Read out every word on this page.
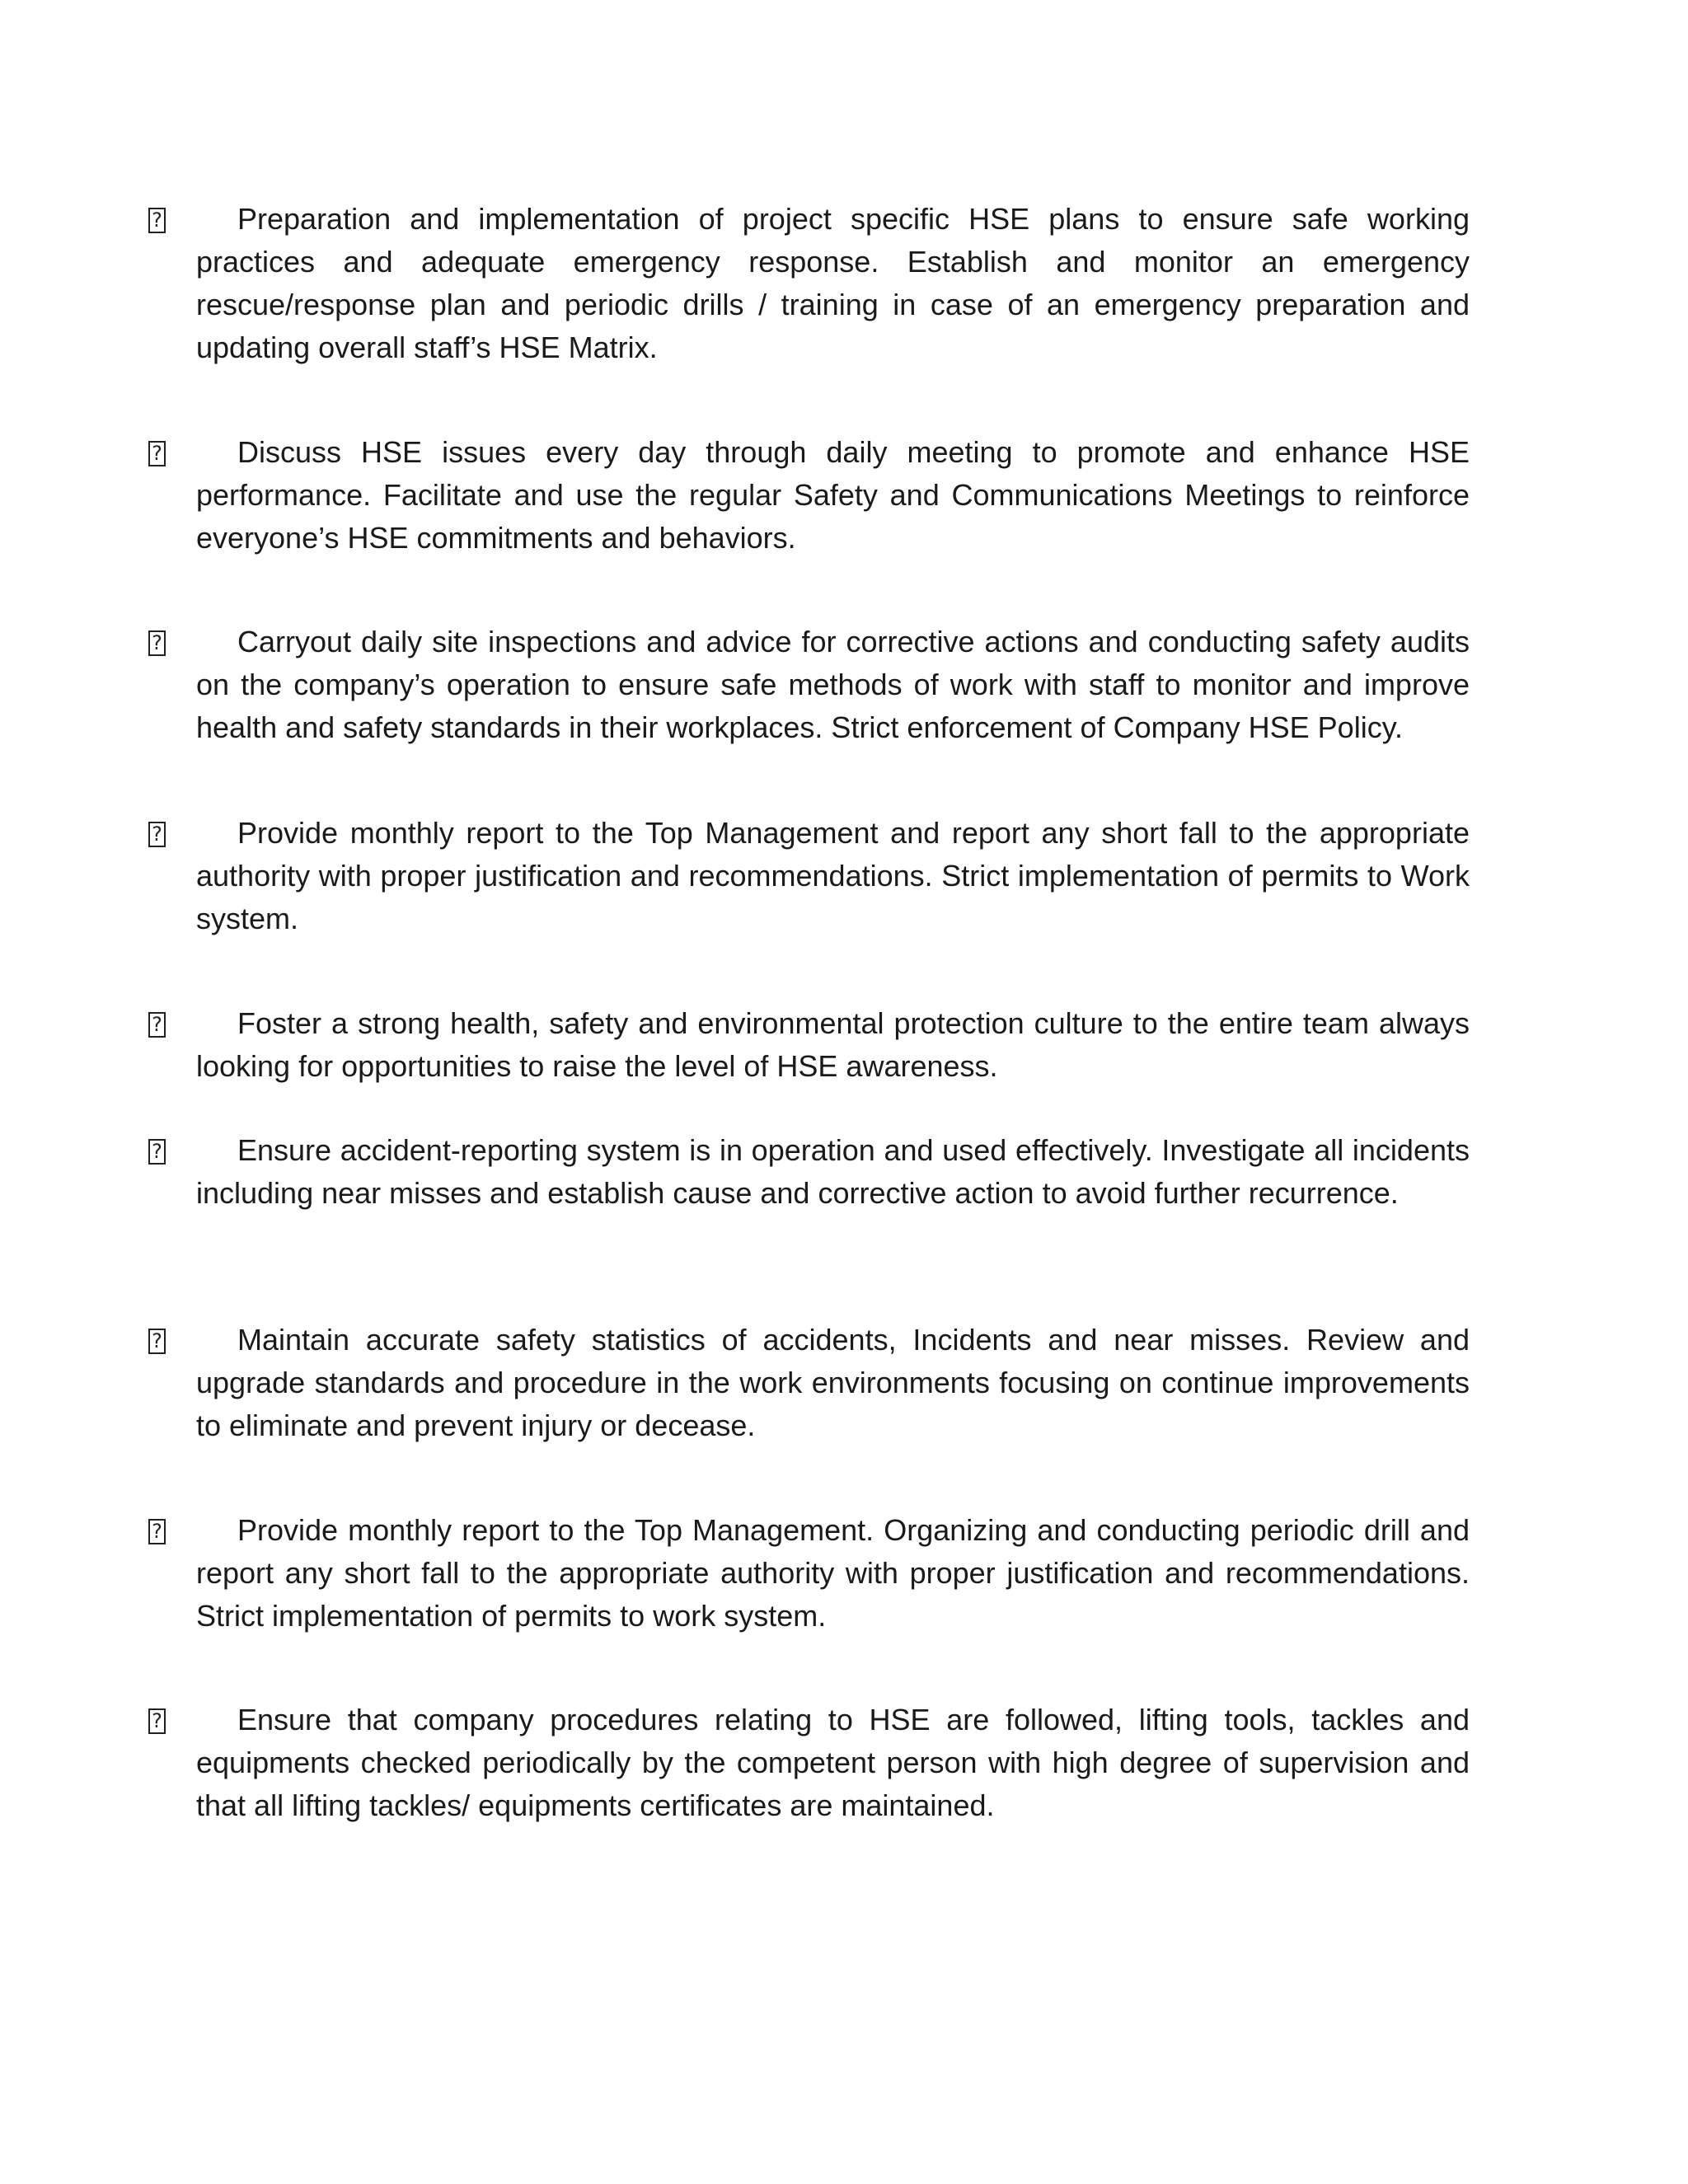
?	Preparation and implementation of project specific HSE plans to ensure safe working practices and adequate emergency response. Establish and monitor an emergency rescue/response plan and periodic drills / training in case of an emergency preparation and updating overall staff’s HSE Matrix.
?	Discuss HSE issues every day through daily meeting to promote and enhance HSE performance. Facilitate and use the regular Safety and Communications Meetings to reinforce everyone’s HSE commitments and behaviors.
?	Carryout daily site inspections and advice for corrective actions and conducting safety audits on the company’s operation to ensure safe methods of work with staff to monitor and improve health and safety standards in their workplaces. Strict enforcement of Company HSE Policy.
?	Provide monthly report to the Top Management and report any short fall to the appropriate authority with proper justification and recommendations. Strict implementation of permits to Work system.
?	Foster a strong health, safety and environmental protection culture to the entire team always looking for opportunities to raise the level of HSE awareness.
?	Ensure accident-reporting system is in operation and used effectively. Investigate all incidents including near misses and establish cause and corrective action to avoid further recurrence.
?	Maintain accurate safety statistics of accidents, Incidents and near misses. Review and upgrade standards and procedure in the work environments focusing on continue improvements to eliminate and prevent injury or decease.
?	Provide monthly report to the Top Management. Organizing and conducting periodic drill and report any short fall to the appropriate authority with proper justification and recommendations. Strict implementation of permits to work system.
?	Ensure that company procedures relating to HSE are followed, lifting tools, tackles and equipments checked periodically by the competent person with high degree of supervision and that all lifting tackles/ equipments certificates are maintained.
